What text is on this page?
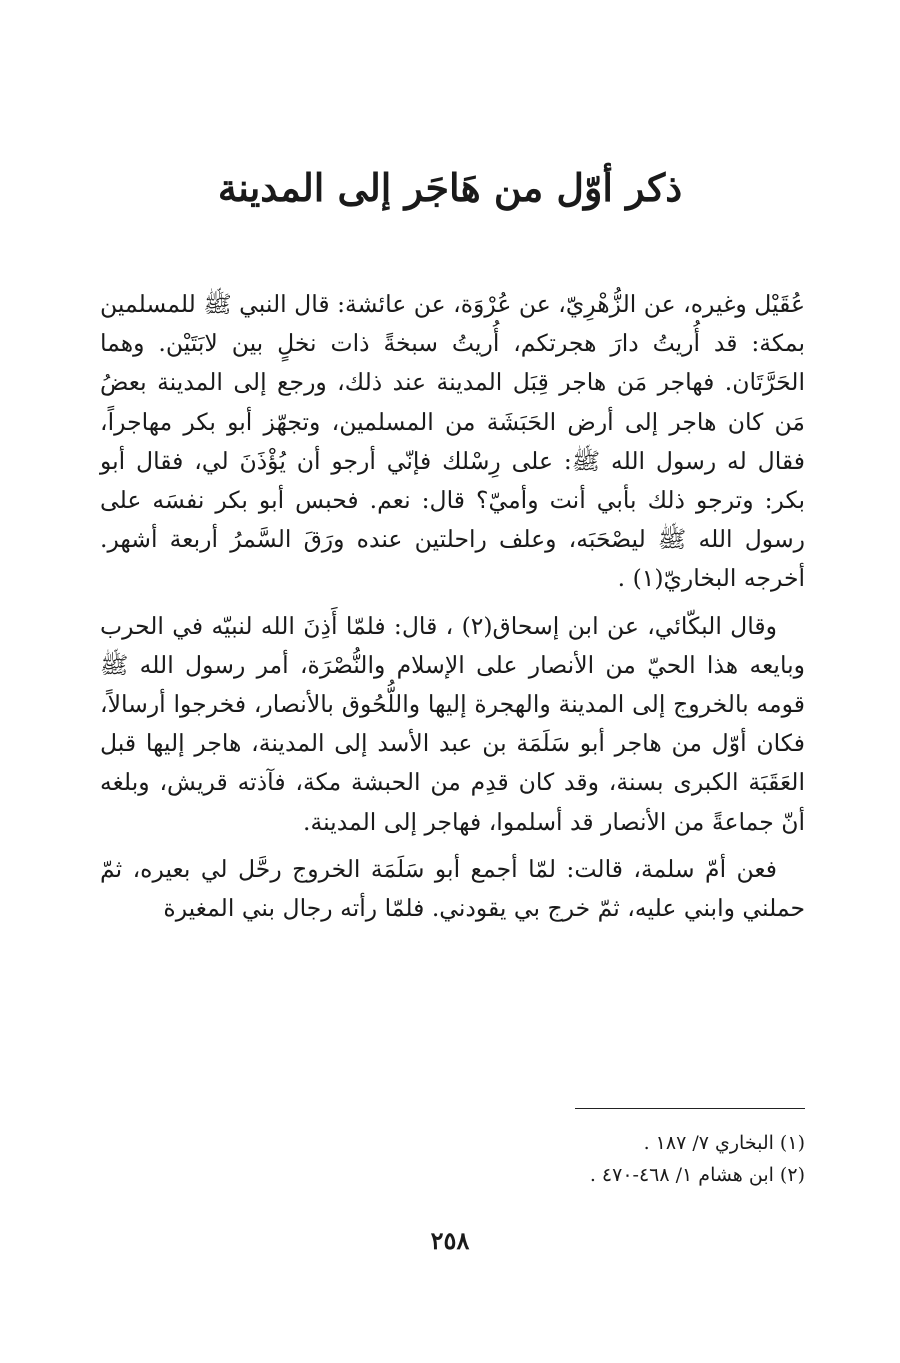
ذكر أوّل من هَاجَر إلى المدينة

عُقَيْل وغيره، عن الزُّهْرِيّ، عن عُرْوَة، عن عائشة: قال النبي ﷺ للمسلمين بمكة: قد أُريتُ دارَ هجرتكم، أُريتُ سبخةً ذات نخلٍ بين لابَتَيْن. وهما الحَرَّتَان. فهاجر مَن هاجر قِبَل المدينة عند ذلك، ورجع إلى المدينة بعضُ مَن كان هاجر إلى أرض الحَبَشَة من المسلمين، وتجهّز أبو بكر مهاجراً، فقال له رسول الله ﷺ: على رِسْلك فإنّي أرجو أن يُؤْذَنَ لي، فقال أبو بكر: وترجو ذلك بأبي أنت وأميّ؟ قال: نعم. فحبس أبو بكر نفسَه على رسول الله ﷺ ليصْحَبَه، وعلف راحلتين عنده ورَقَ السَّمرُ أربعة أشهر. أخرجه البخاريّ(١) .

وقال البكّائي، عن ابن إسحاق(٢) ، قال: فلمّا أَذِنَ الله لنبيّه في الحرب وبايعه هذا الحيّ من الأنصار على الإسلام والنُّصْرَة، أمر رسول الله ﷺ قومه بالخروج إلى المدينة والهجرة إليها واللُّحُوق بالأنصار، فخرجوا أرسالاً، فكان أوّل من هاجر أبو سَلَمَة بن عبد الأسد إلى المدينة، هاجر إليها قبل العَقَبَة الكبرى بسنة، وقد كان قدِم من الحبشة مكة، فآذته قريش، وبلغه أنّ جماعةً من الأنصار قد أسلموا، فهاجر إلى المدينة.

فعن أمّ سلمة، قالت: لمّا أجمع أبو سَلَمَة الخروج رحَّل لي بعيره، ثمّ حملني وابني عليه، ثمّ خرج بي يقودني. فلمّا رأته رجال بني المغيرة

(١) البخاري ٧/ ١٨٧ .

(٢) ابن هشام ١/ ٤٦٨-٤٧٠ .

٢٥٨
